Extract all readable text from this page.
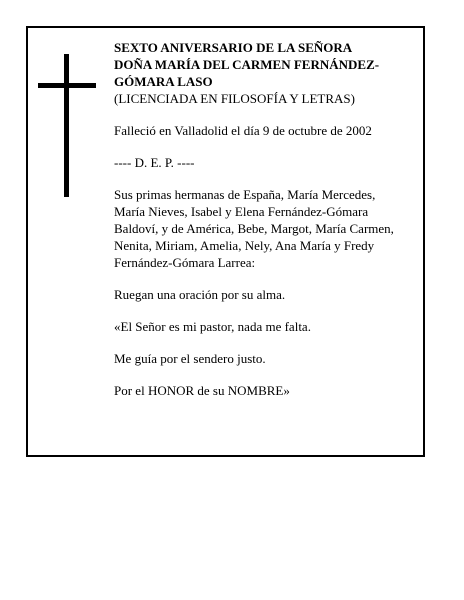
SEXTO ANIVERSARIO DE LA SEÑORA

DOÑA MARÍA DEL CARMEN FERNÁNDEZ-

GÓMARA LASO

(LICENCIADA EN FILOSOFÍA Y LETRAS)

Falleció en Valladolid el día 9 de octubre de 2002

---- D. E. P. ----

Sus primas hermanas de España, María Mercedes,

María Nieves, Isabel y Elena Fernández-Gómara

Baldoví, y de América, Bebe, Margot, María Carmen,

Nenita, Miriam, Amelia, Nely, Ana María y Fredy

Fernández-Gómara Larrea:

Ruegan una oración por su alma.

«El Señor es mi pastor, nada me falta.

Me guía por el sendero justo.

Por el HONOR de su NOMBRE»
